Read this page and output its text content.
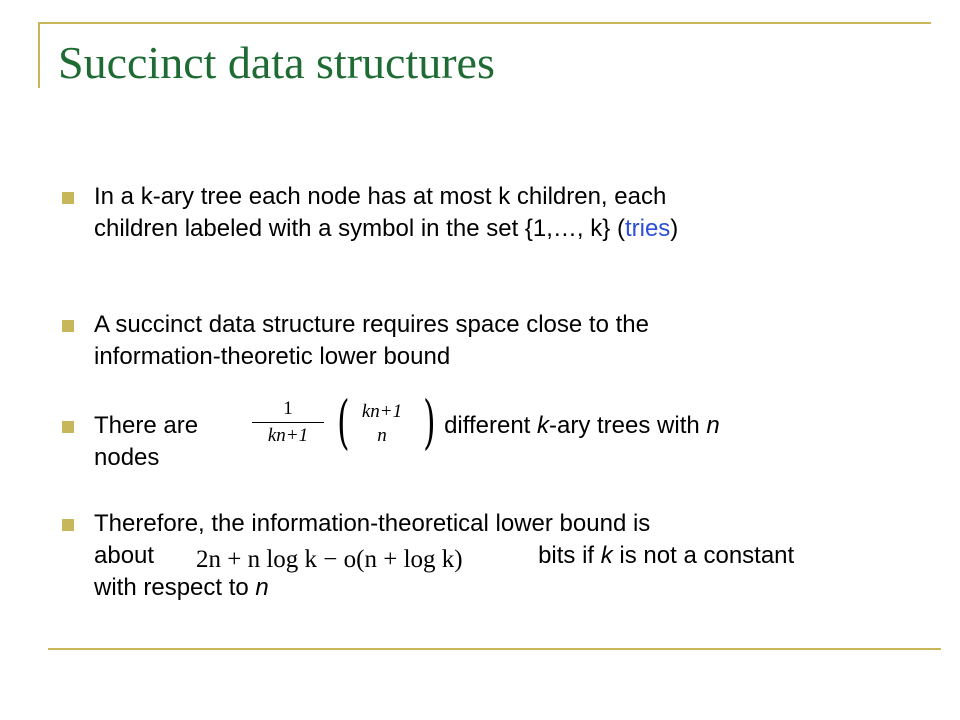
Succinct data structures
In a k-ary tree each node has at most k children, each
children labeled with a symbol in the set {1,…, k} (tries)
A succinct data structure requires space close to the
information-theoretic lower bound
There are	different k-ary trees with n
nodes
1
kn+1 ( kn+1
n )
Therefore, the information-theoretical lower bound is
about	bits if k is not a constant
with respect to n
2n + n log k − o(n + log k)
